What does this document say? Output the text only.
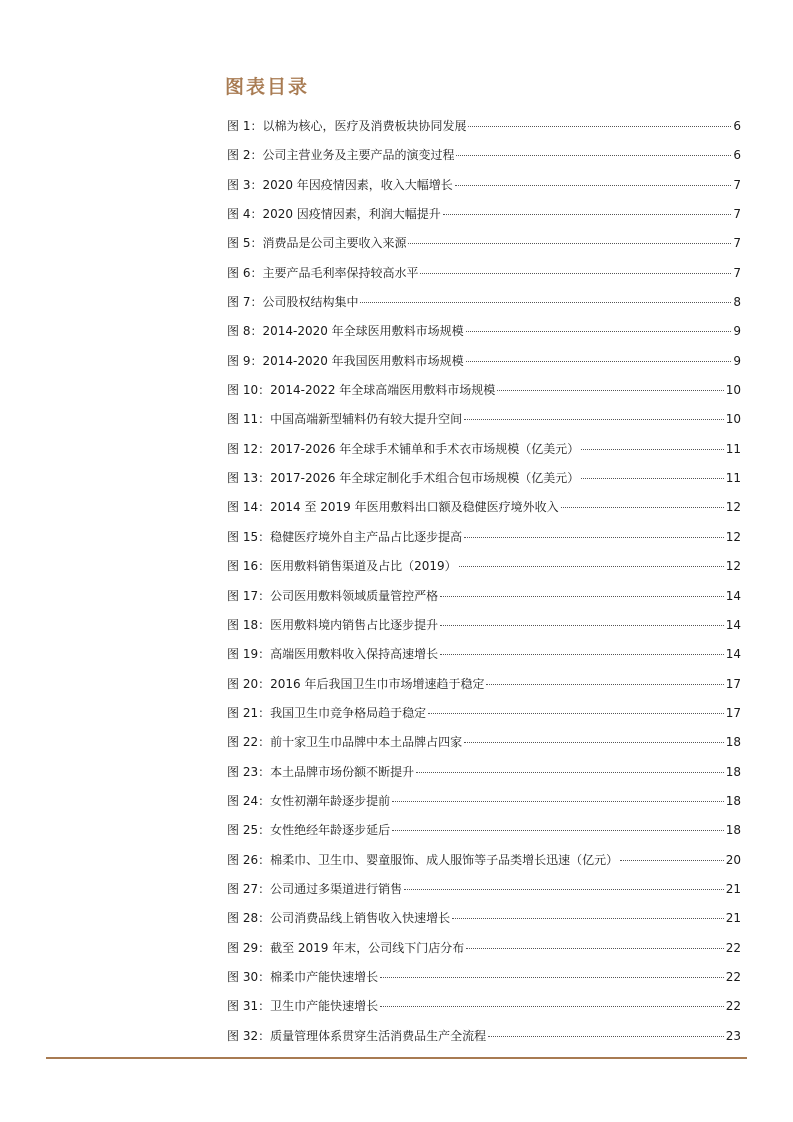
图表目录
图 1：以棉为核心，医疗及消费板块协同发展	6
图 2：公司主营业务及主要产品的演变过程	6
图 3：2020 年因疫情因素，收入大幅增长	7
图 4：2020 因疫情因素，利润大幅提升	7
图 5：消费品是公司主要收入来源	7
图 6：主要产品毛利率保持较高水平	7
图 7：公司股权结构集中	8
图 8：2014-2020 年全球医用敷料市场规模	9
图 9：2014-2020 年我国医用敷料市场规模	9
图 10：2014-2022 年全球高端医用敷料市场规模	10
图 11：中国高端新型辅料仍有较大提升空间	10
图 12：2017-2026 年全球手术铺单和手术衣市场规模（亿美元）	11
图 13：2017-2026 年全球定制化手术组合包市场规模（亿美元）	11
图 14：2014 至 2019 年医用敷料出口额及稳健医疗境外收入	12
图 15：稳健医疗境外自主产品占比逐步提高	12
图 16：医用敷料销售渠道及占比（2019）	12
图 17：公司医用敷料领域质量管控严格	14
图 18：医用敷料境内销售占比逐步提升	14
图 19：高端医用敷料收入保持高速增长	14
图 20：2016 年后我国卫生巾市场增速趋于稳定	17
图 21：我国卫生巾竞争格局趋于稳定	17
图 22：前十家卫生巾品牌中本土品牌占四家	18
图 23：本土品牌市场份额不断提升	18
图 24：女性初潮年龄逐步提前	18
图 25：女性绝经年龄逐步延后	18
图 26：棉柔巾、卫生巾、婴童服饰、成人服饰等子品类增长迅速（亿元）	20
图 27：公司通过多渠道进行销售	21
图 28：公司消费品线上销售收入快速增长	21
图 29：截至 2019 年末，公司线下门店分布	22
图 30：棉柔巾产能快速增长	22
图 31：卫生巾产能快速增长	22
图 32：质量管理体系贯穿生活消费品生产全流程	23
